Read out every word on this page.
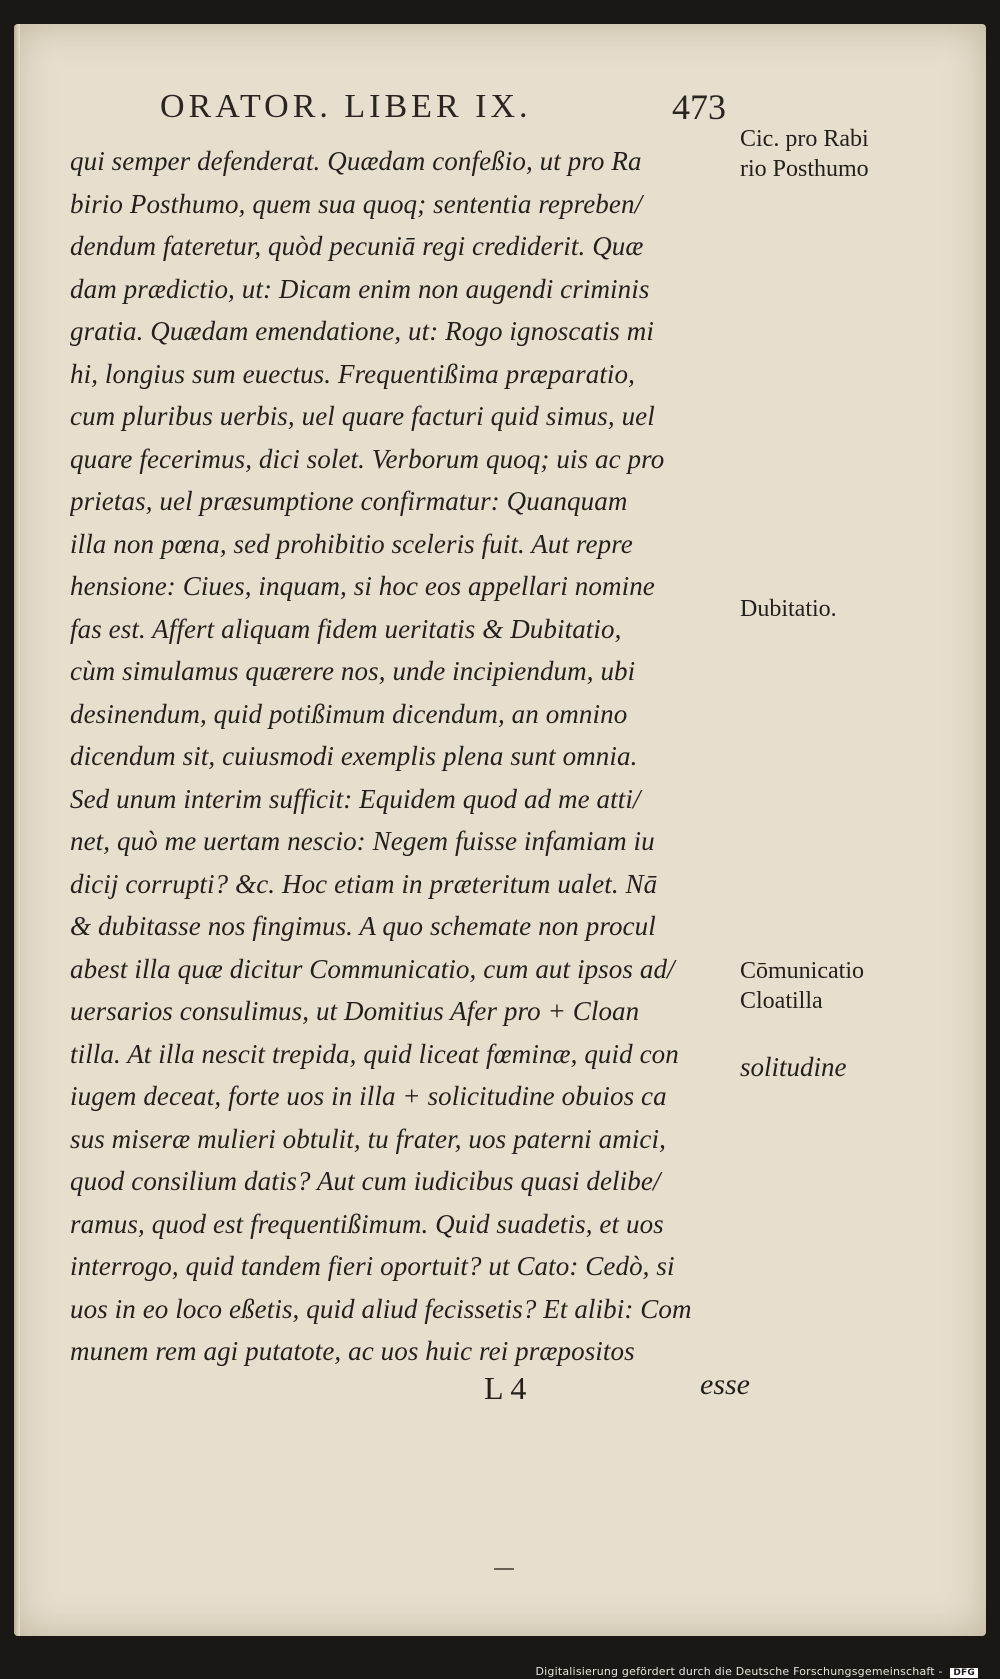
ORATOR. LIBER IX.	473
qui semper defenderat. Quædam confeßio, ut pro Ra
birio Posthumo, quem sua quoq; sententia repreben/
dendum fateretur, quòd pecuniā regi crediderit. Quæ
dam prædictio, ut: Dicam enim non augendi criminis
gratia. Quædam emendatione, ut: Rogo ignoscatis mi
hi, longius sum euectus. Frequentißima præparatio,
cum pluribus uerbis, uel quare facturi quid simus, uel
quare fecerimus, dici solet. Verborum quoq; uis ac pro
prietas, uel præsumptione confirmatur: Quanquam
illa non pœna, sed prohibitio sceleris fuit. Aut repre
hensione: Ciues, inquam, si hoc eos appellari nomine
fas est. Affert aliquam fidem ueritatis & Dubitatio,
cùm simulamus quærere nos, unde incipiendum, ubi
desinendum, quid potißimum dicendum, an omnino
dicendum sit, cuiusmodi exemplis plena sunt omnia.
Sed unum interim sufficit: Equidem quod ad me atti/
net, quò me uertam nescio: Negem fuisse infamiam iu
dicij corrupti? &c. Hoc etiam in præteritum ualet. Nā
& dubitasse nos fingimus. A quo schemate non procul
abest illa quæ dicitur Communicatio, cum aut ipsos ad/
uersarios consulimus, ut Domitius Afer pro + Cloan
tilla. At illa nescit trepida, quid liceat fœminæ, quid con
iugem deceat, forte uos in illa + solicitudine obuios ca
sus miseræ mulieri obtulit, tu frater, uos paterni amici,
quod consilium datis? Aut cum iudicibus quasi delibe/
ramus, quod est frequentißimum. Quid suadetis, et uos
interrogo, quid tandem fieri oportuit? ut Cato: Cedò, si
uos in eo loco eßetis, quid aliud fecissetis? Et alibi: Com
munem rem agi putatote, ac uos huic rei præpositos
L 4	esse
Cic. pro Rabi
rio Posthumo
Dubitatio.
Cōmunicatio
Cloatilla
solitudine
Digitalisierung gefördert durch die Deutsche Forschungsgemeinschaft - DFG
